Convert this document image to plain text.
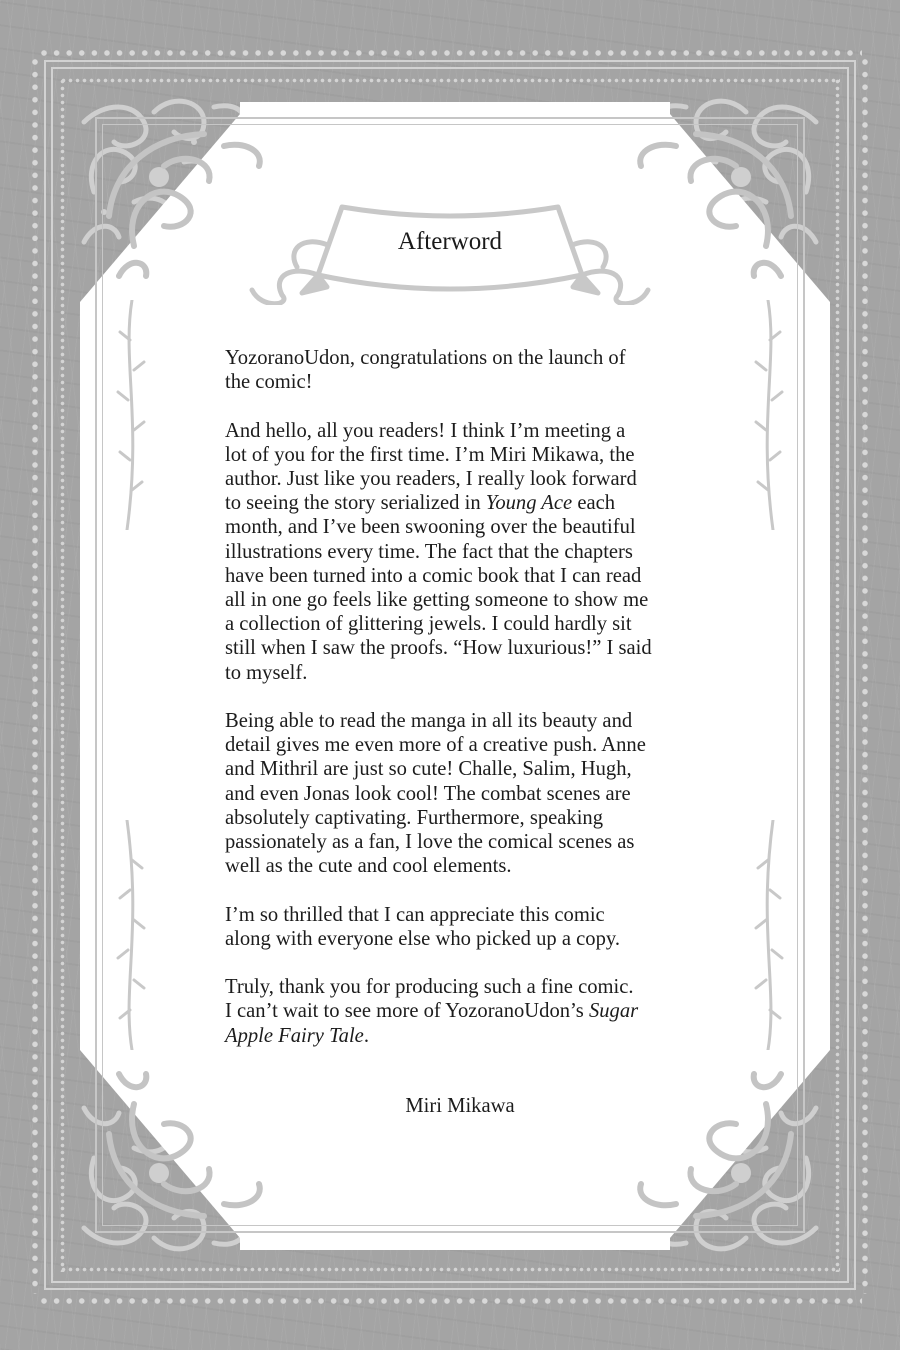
Afterword

YozoranoUdon, congratulations on the launch of
the comic!

And hello, all you readers! I think I’m meeting a
lot of you for the first time. I’m Miri Mikawa, the
author. Just like you readers, I really look forward
to seeing the story serialized in Young Ace each
month, and I’ve been swooning over the beautiful
illustrations every time. The fact that the chapters
have been turned into a comic book that I can read
all in one go feels like getting someone to show me
a collection of glittering jewels. I could hardly sit
still when I saw the proofs. “How luxurious!” I said
to myself.

Being able to read the manga in all its beauty and
detail gives me even more of a creative push. Anne
and Mithril are just so cute! Challe, Salim, Hugh,
and even Jonas look cool! The combat scenes are
absolutely captivating. Furthermore, speaking
passionately as a fan, I love the comical scenes as
well as the cute and cool elements.

I’m so thrilled that I can appreciate this comic
along with everyone else who picked up a copy.

Truly, thank you for producing such a fine comic.
I can’t wait to see more of YozoranoUdon’s Sugar
Apple Fairy Tale.

Miri Mikawa
